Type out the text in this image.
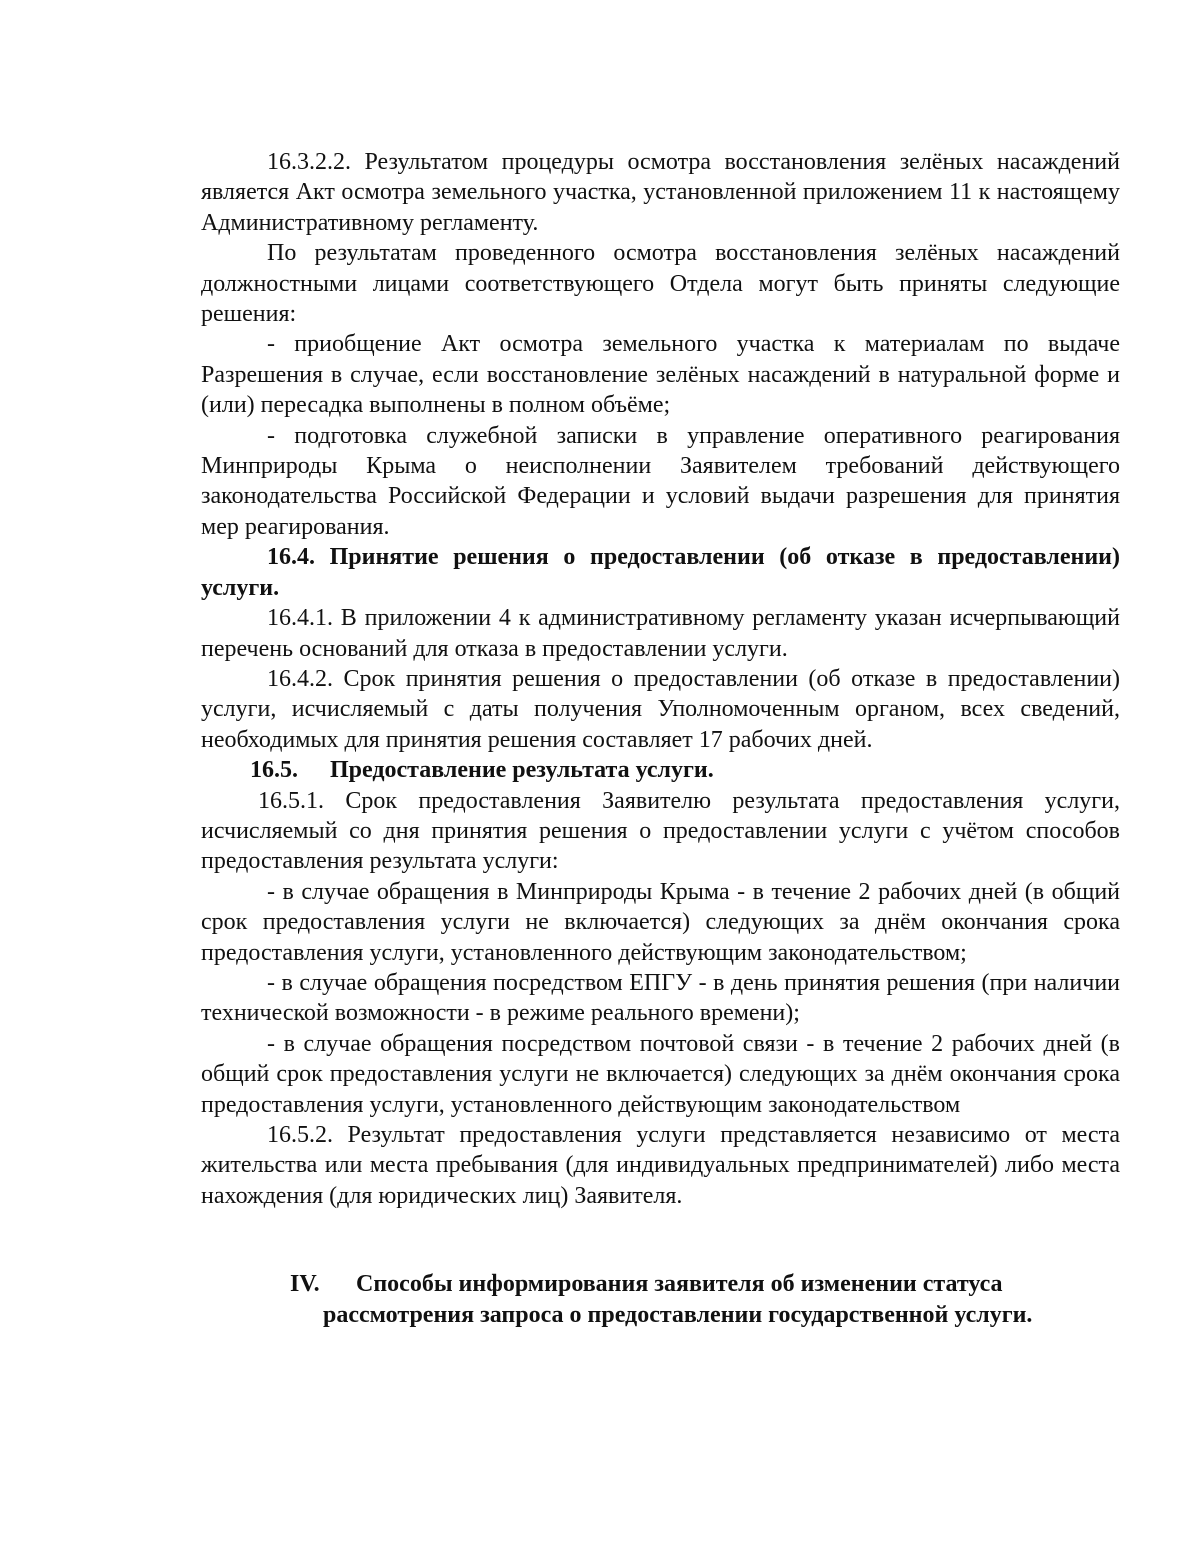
16.3.2.2. Результатом процедуры осмотра восстановления зелёных насаждений является Акт осмотра земельного участка, установленной приложением 11 к настоящему Административному регламенту.

По результатам проведенного осмотра восстановления зелёных насаждений должностными лицами соответствующего Отдела могут быть приняты следующие решения:

- приобщение Акт осмотра земельного участка к материалам по выдаче Разрешения в случае, если восстановление зелёных насаждений в натуральной форме и (или) пересадка выполнены в полном объёме;

- подготовка служебной записки в управление оперативного реагирования Минприроды Крыма о неисполнении Заявителем требований действующего законодательства Российской Федерации и условий выдачи разрешения для принятия мер реагирования.

16.4. Принятие решения о предоставлении (об отказе в предоставлении) услуги.

16.4.1. В приложении 4 к административному регламенту указан исчерпывающий перечень оснований для отказа в предоставлении услуги.

16.4.2. Срок принятия решения о предоставлении (об отказе в предоставлении) услуги, исчисляемый с даты получения Уполномоченным органом, всех сведений, необходимых для принятия решения составляет 17 рабочих дней.

16.5.	Предоставление результата услуги.

16.5.1. Срок предоставления Заявителю результата предоставления услуги, исчисляемый со дня принятия решения о предоставлении услуги с учётом способов предоставления результата услуги:

- в случае обращения в Минприроды Крыма - в течение 2 рабочих дней (в общий срок предоставления услуги не включается) следующих за днём окончания срока предоставления услуги, установленного действующим законодательством;

- в случае обращения посредством ЕПГУ - в день принятия решения (при наличии технической возможности - в режиме реального времени);

- в случае обращения посредством почтовой связи - в течение 2 рабочих дней (в общий срок предоставления услуги не включается) следующих за днём окончания срока предоставления услуги, установленного действующим законодательством

16.5.2. Результат предоставления услуги представляется независимо от места жительства или места пребывания (для индивидуальных предпринимателей) либо места нахождения (для юридических лиц) Заявителя.

IV.	Способы информирования заявителя об изменении статуса
рассмотрения запроса о предоставлении государственной услуги.
